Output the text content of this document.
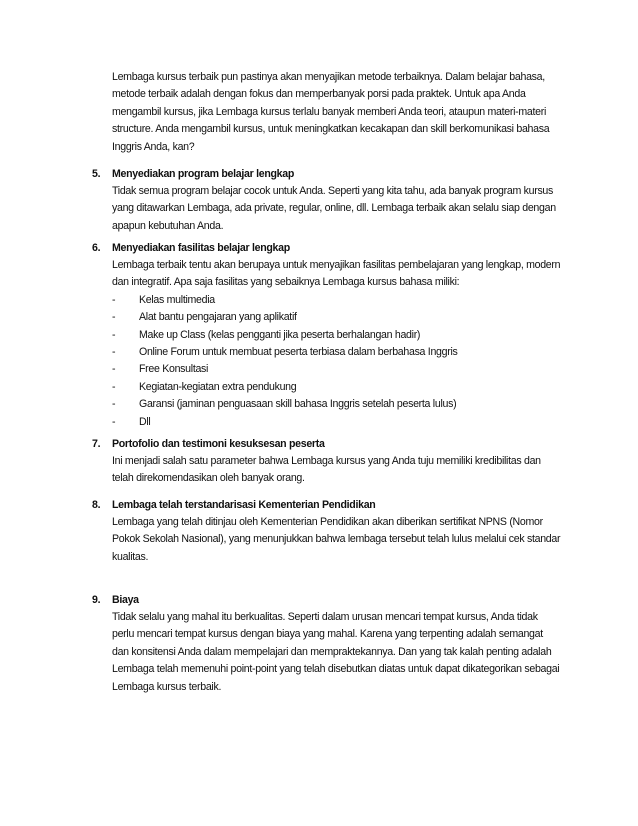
Lembaga kursus terbaik pun pastinya akan menyajikan metode terbaiknya. Dalam belajar bahasa, metode terbaik adalah dengan fokus dan memperbanyak porsi pada praktek. Untuk apa Anda mengambil kursus, jika Lembaga kursus terlalu banyak memberi Anda teori, ataupun materi-materi structure. Anda mengambil kursus, untuk meningkatkan kecakapan dan skill berkomunikasi bahasa Inggris Anda, kan?

5. Menyediakan program belajar lengkap
Tidak semua program belajar cocok untuk Anda. Seperti yang kita tahu, ada banyak program kursus yang ditawarkan Lembaga, ada private, regular, online, dll. Lembaga terbaik akan selalu siap dengan apapun kebutuhan Anda.
6. Menyediakan fasilitas belajar lengkap
Lembaga terbaik tentu akan berupaya untuk menyajikan fasilitas pembelajaran yang lengkap, modern dan integratif. Apa saja fasilitas yang sebaiknya Lembaga kursus bahasa miliki:
- Kelas multimedia
- Alat bantu pengajaran yang aplikatif
- Make up Class (kelas pengganti jika peserta berhalangan hadir)
- Online Forum untuk membuat peserta terbiasa dalam berbahasa Inggris
- Free Konsultasi
- Kegiatan-kegiatan extra pendukung
- Garansi (jaminan penguasaan skill bahasa Inggris setelah peserta lulus)
- Dll
7. Portofolio dan testimoni kesuksesan peserta
Ini menjadi salah satu parameter bahwa Lembaga kursus yang Anda tuju memiliki kredibilitas dan telah direkomendasikan oleh banyak orang.
8. Lembaga telah terstandarisasi Kementerian Pendidikan
Lembaga yang telah ditinjau oleh Kementerian Pendidikan akan diberikan sertifikat NPNS (Nomor Pokok Sekolah Nasional), yang menunjukkan bahwa lembaga tersebut telah lulus melalui cek standar kualitas.
9. Biaya
Tidak selalu yang mahal itu berkualitas. Seperti dalam urusan mencari tempat kursus, Anda tidak perlu mencari tempat kursus dengan biaya yang mahal. Karena yang terpenting adalah semangat dan konsitensi Anda dalam mempelajari dan mempraktekannya. Dan yang tak kalah penting adalah Lembaga telah memenuhi point-point yang telah disebutkan diatas untuk dapat dikategorikan sebagai Lembaga kursus terbaik.
